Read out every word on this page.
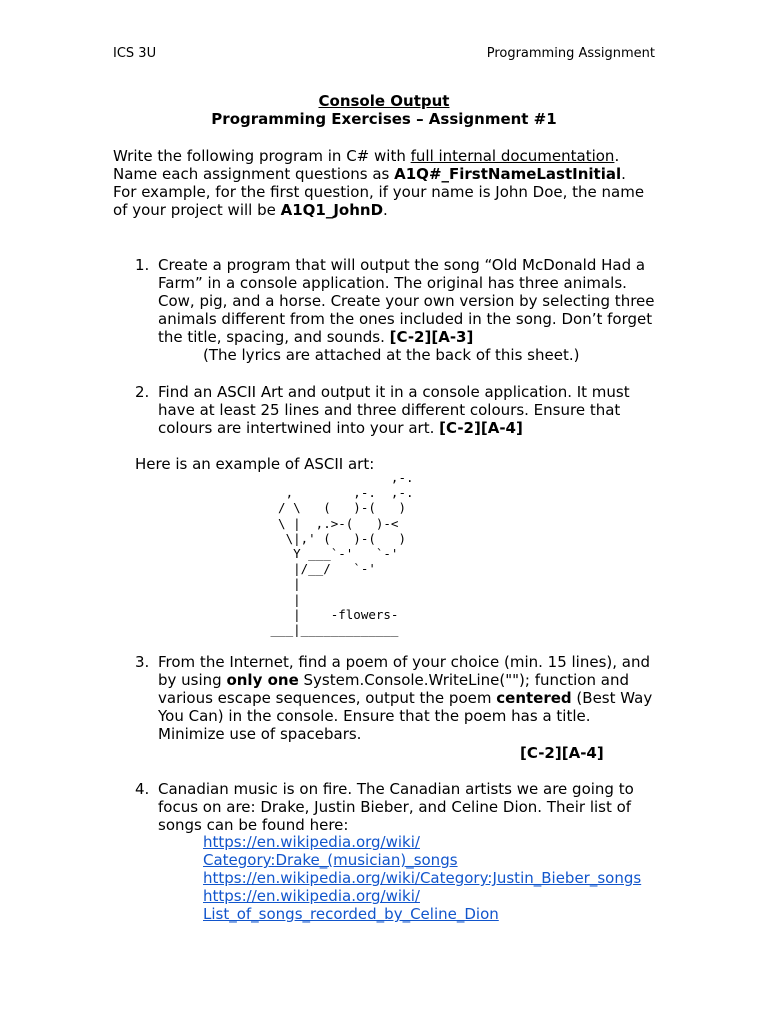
ICS 3U	Programming Assignment
Console Output
Programming Exercises – Assignment #1
Write the following program in C# with full internal documentation.
Name each assignment questions as A1Q#_FirstNameLastInitial.
For example, for the first question, if your name is John Doe, the name of your project will be A1Q1_JohnD.
1. Create a program that will output the song “Old McDonald Had a Farm” in a console application. The original has three animals. Cow, pig, and a horse. Create your own version by selecting three animals different from the ones included in the song. Don’t forget the title, spacing, and sounds. [C-2][A-3]
(The lyrics are attached at the back of this sheet.)
2. Find an ASCII Art and output it in a console application. It must have at least 25 lines and three different colours. Ensure that colours are intertwined into your art. [C-2][A-4]
Here is an example of ASCII art:
,-.
,        ,-.  ,-.
/ \   (   )-(   )
\ |  ,.>-(   )-<
\|,' (   )-(   )
Y ___`-'   `-'
|/__/   `-'
|
|
|    -flowers-
___|_____________
3. From the Internet, find a poem of your choice (min. 15 lines), and by using only one System.Console.WriteLine(""); function and various escape sequences, output the poem centered (Best Way You Can) in the console. Ensure that the poem has a title. Minimize use of spacebars.
[C-2][A-4]
4. Canadian music is on fire. The Canadian artists we are going to focus on are: Drake, Justin Bieber, and Celine Dion. Their list of songs can be found here:
https://en.wikipedia.org/wiki/
Category:Drake_(musician)_songs
https://en.wikipedia.org/wiki/Category:Justin_Bieber_songs
https://en.wikipedia.org/wiki/
List_of_songs_recorded_by_Celine_Dion
